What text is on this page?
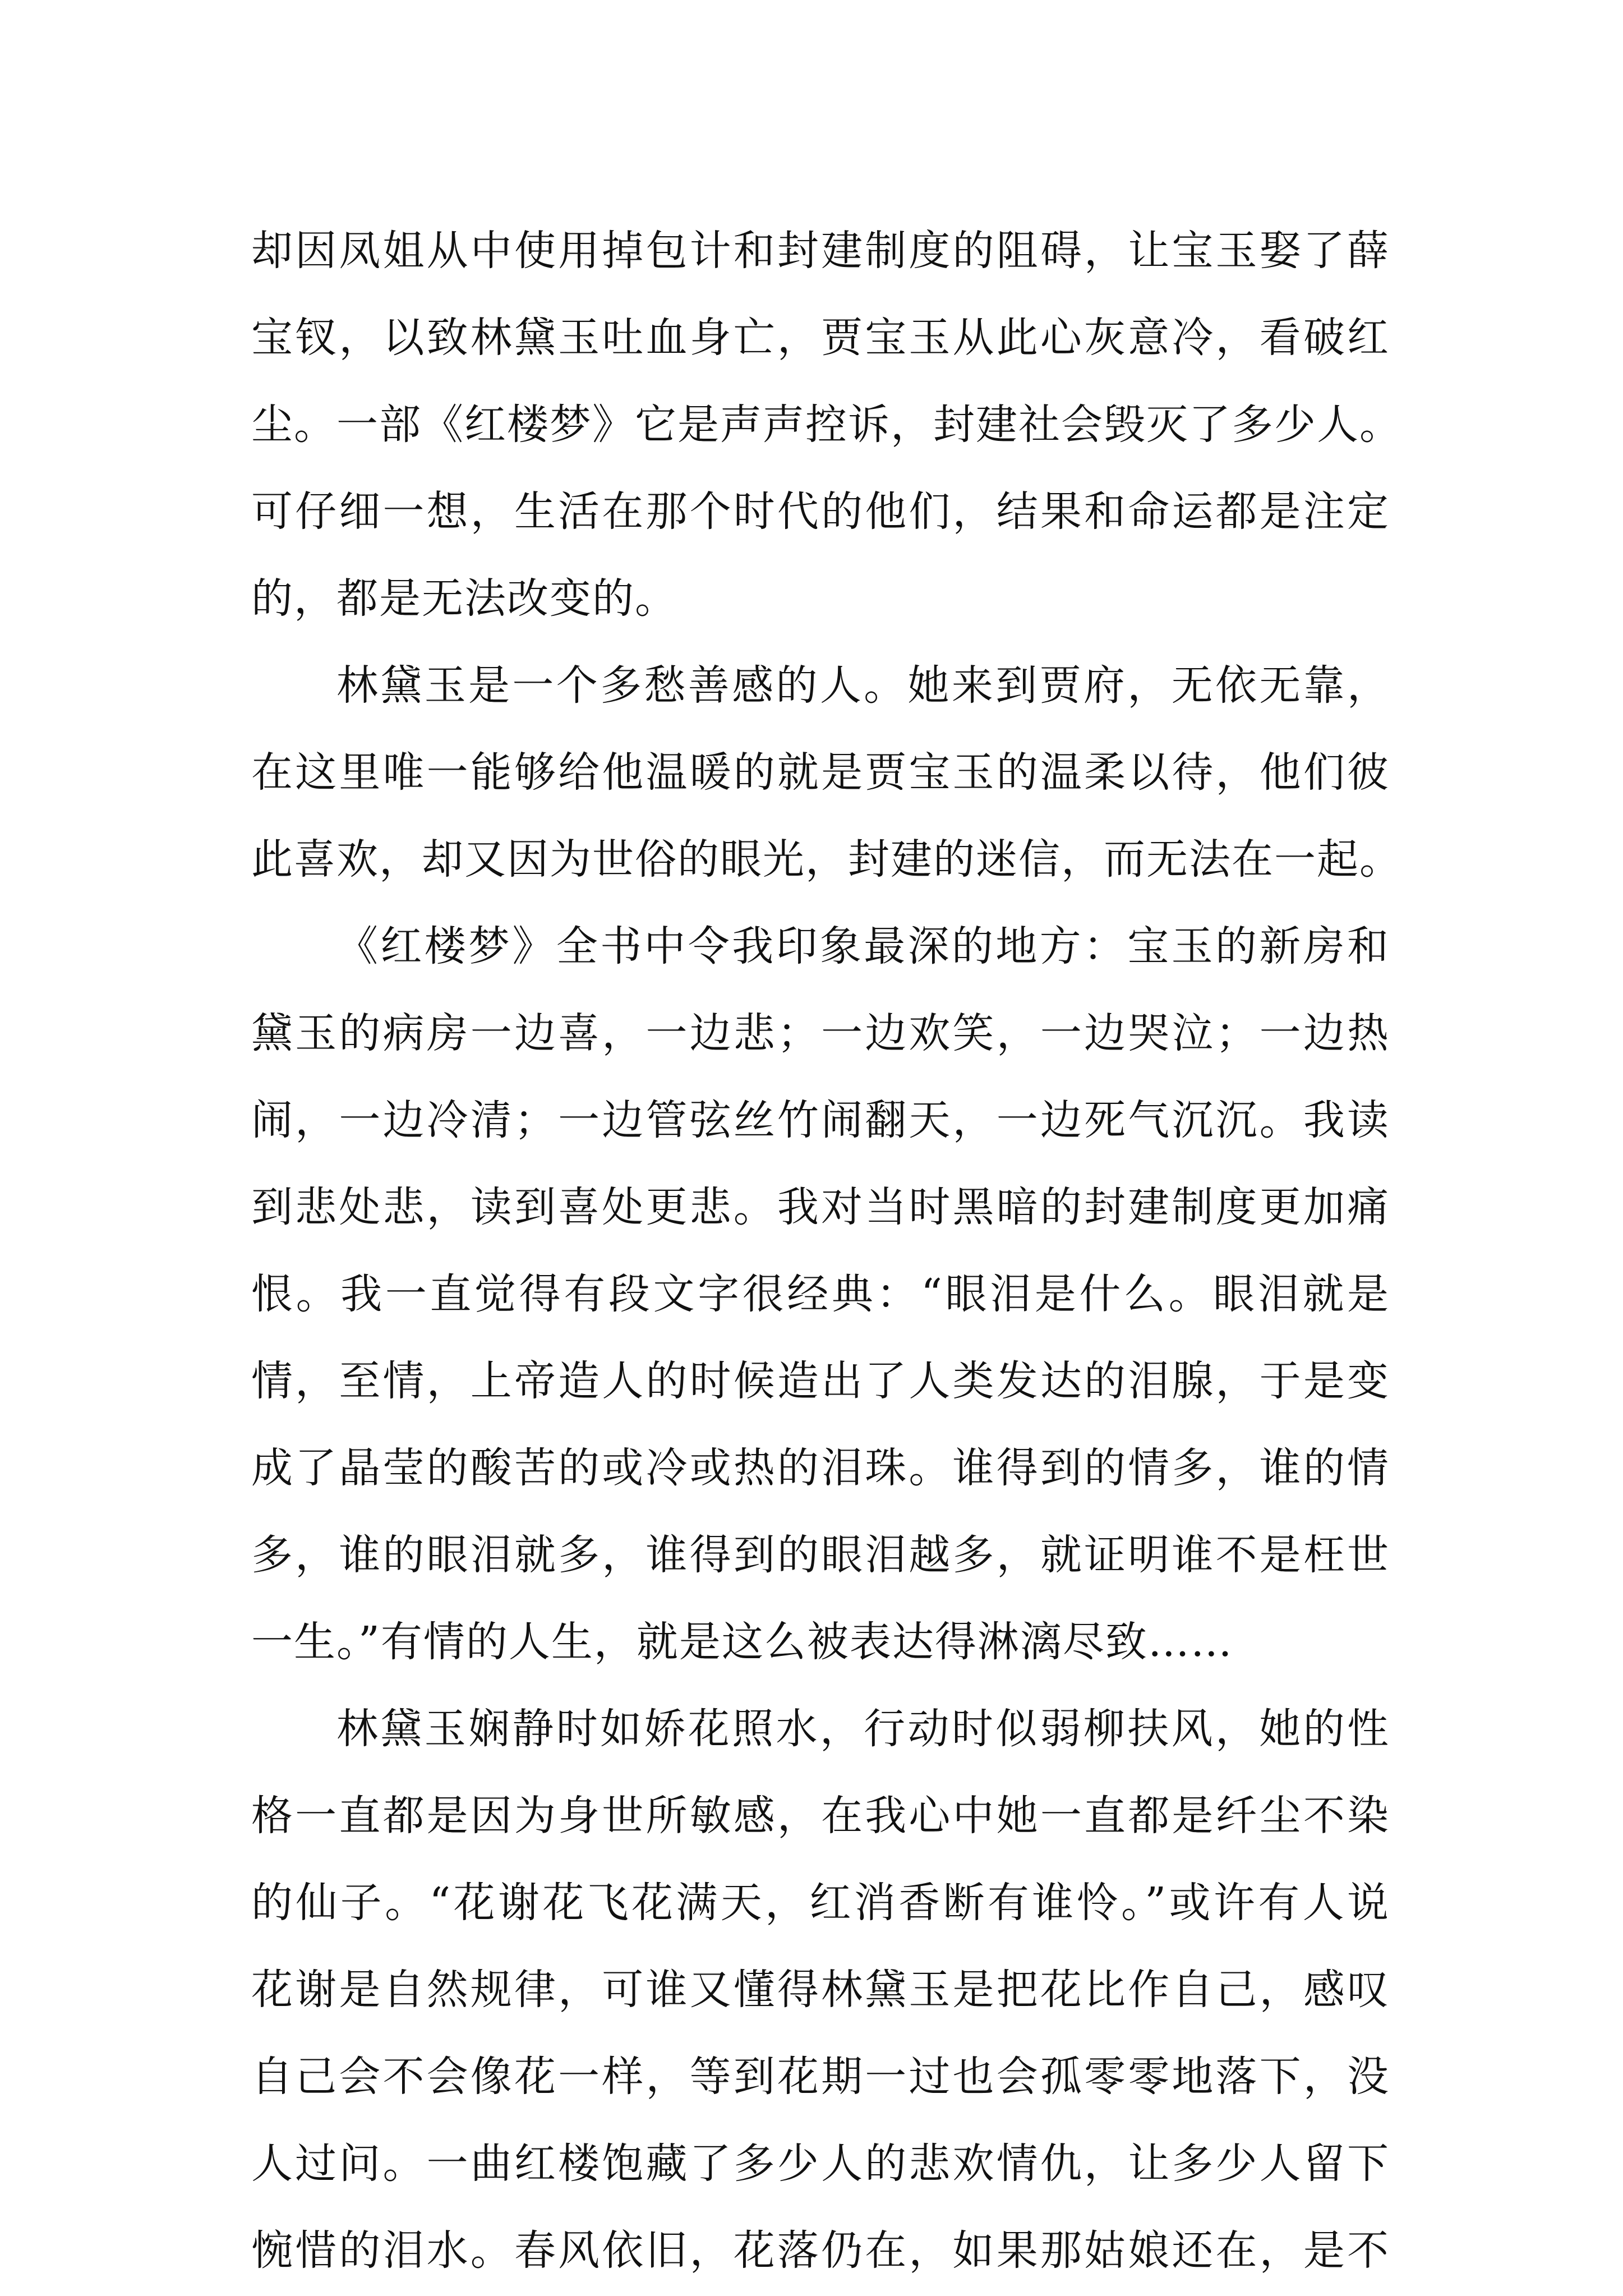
却因凤姐从中使用掉包计和封建制度的阻碍，让宝玉娶了薛
宝钗，以致林黛玉吐血身亡，贾宝玉从此心灰意冷，看破红
尘。一部《红楼梦》它是声声控诉，封建社会毁灭了多少人。
可仔细一想，生活在那个时代的他们，结果和命运都是注定
的，都是无法改变的。
林黛玉是一个多愁善感的人。她来到贾府，无依无靠，
在这里唯一能够给他温暖的就是贾宝玉的温柔以待，他们彼
此喜欢，却又因为世俗的眼光，封建的迷信，而无法在一起。
《红楼梦》全书中令我印象最深的地方：宝玉的新房和
黛玉的病房一边喜，一边悲；一边欢笑，一边哭泣；一边热
闹，一边冷清；一边管弦丝竹闹翻天，一边死气沉沉。我读
到悲处悲，读到喜处更悲。我对当时黑暗的封建制度更加痛
恨。我一直觉得有段文字很经典：“眼泪是什么。眼泪就是
情，至情，上帝造人的时候造出了人类发达的泪腺，于是变
成了晶莹的酸苦的或冷或热的泪珠。谁得到的情多，谁的情
多，谁的眼泪就多，谁得到的眼泪越多，就证明谁不是枉世
一生。”有情的人生，就是这么被表达得淋漓尽致……
林黛玉娴静时如娇花照水，行动时似弱柳扶风，她的性
格一直都是因为身世所敏感，在我心中她一直都是纤尘不染
的仙子。“花谢花飞花满天，红消香断有谁怜。”或许有人说
花谢是自然规律，可谁又懂得林黛玉是把花比作自己，感叹
自己会不会像花一样，等到花期一过也会孤零零地落下，没
人过问。一曲红楼饱藏了多少人的悲欢情仇，让多少人留下
惋惜的泪水。春风依旧，花落仍在，如果那姑娘还在，是不
